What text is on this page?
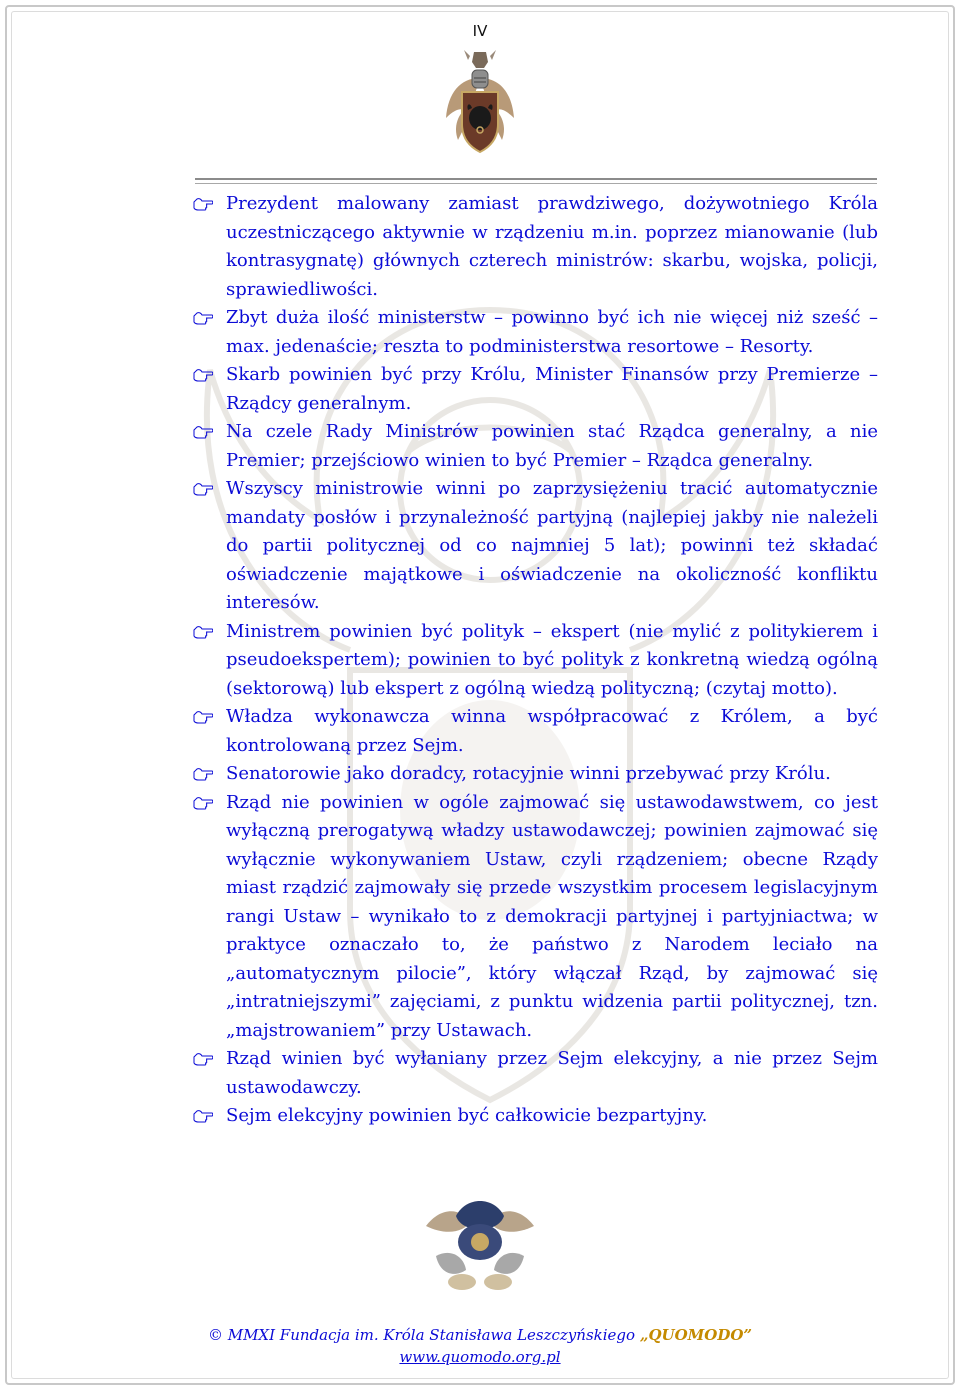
IV
Prezydent malowany zamiast prawdziwego, dożywotniego Króla uczestniczącego aktywnie w rządzeniu m.in. poprzez mianowanie (lub kontrasygnatę) głównych czterech ministrów: skarbu, wojska, policji, sprawiedliwości.
Zbyt duża ilość ministerstw – powinno być ich nie więcej niż sześć – max. jedenaście; reszta to podministerstwa resortowe – Resorty.
Skarb powinien być przy Królu, Minister Finansów przy Premierze – Rządcy generalnym.
Na czele Rady Ministrów powinien stać Rządca generalny, a nie Premier; przejściowo winien to być Premier – Rządca generalny.
Wszyscy ministrowie winni po zaprzysiężeniu tracić automatycznie mandaty posłów i przynależność partyjną (najlepiej jakby nie należeli do partii politycznej od co najmniej 5 lat); powinni też składać oświadczenie majątkowe i oświadczenie na okoliczność konfliktu interesów.
Ministrem powinien być polityk – ekspert (nie mylić z politykierem i pseudoekspertem); powinien to być polityk z konkretną wiedzą ogólną (sektorową) lub ekspert z ogólną wiedzą polityczną; (czytaj motto).
Władza wykonawcza winna współpracować z Królem, a być kontrolowaną przez Sejm.
Senatorowie jako doradcy, rotacyjnie winni przebywać przy Królu.
Rząd nie powinien w ogóle zajmować się ustawodawstwem, co jest wyłączną prerogatywą władzy ustawodawczej; powinien zajmować się wyłącznie wykonywaniem Ustaw, czyli rządzeniem; obecne Rządy miast rządzić zajmowały się przede wszystkim procesem legislacyjnym rangi Ustaw – wynikało to z demokracji partyjnej i partyjniactwa; w praktyce oznaczało to, że państwo z Narodem leciało na „automatycznym pilocie”, który włączał Rząd, by zajmować się „intratniejszymi” zajęciami, z punktu widzenia partii politycznej, tzn. „majstrowaniem” przy Ustawach.
Rząd winien być wyłaniany przez Sejm elekcyjny, a nie przez Sejm ustawodawczy.
Sejm elekcyjny powinien być całkowicie bezpartyjny.
© MMXI Fundacja im. Króla Stanisława Leszczyńskiego „QUOMODO”
www.quomodo.org.pl
